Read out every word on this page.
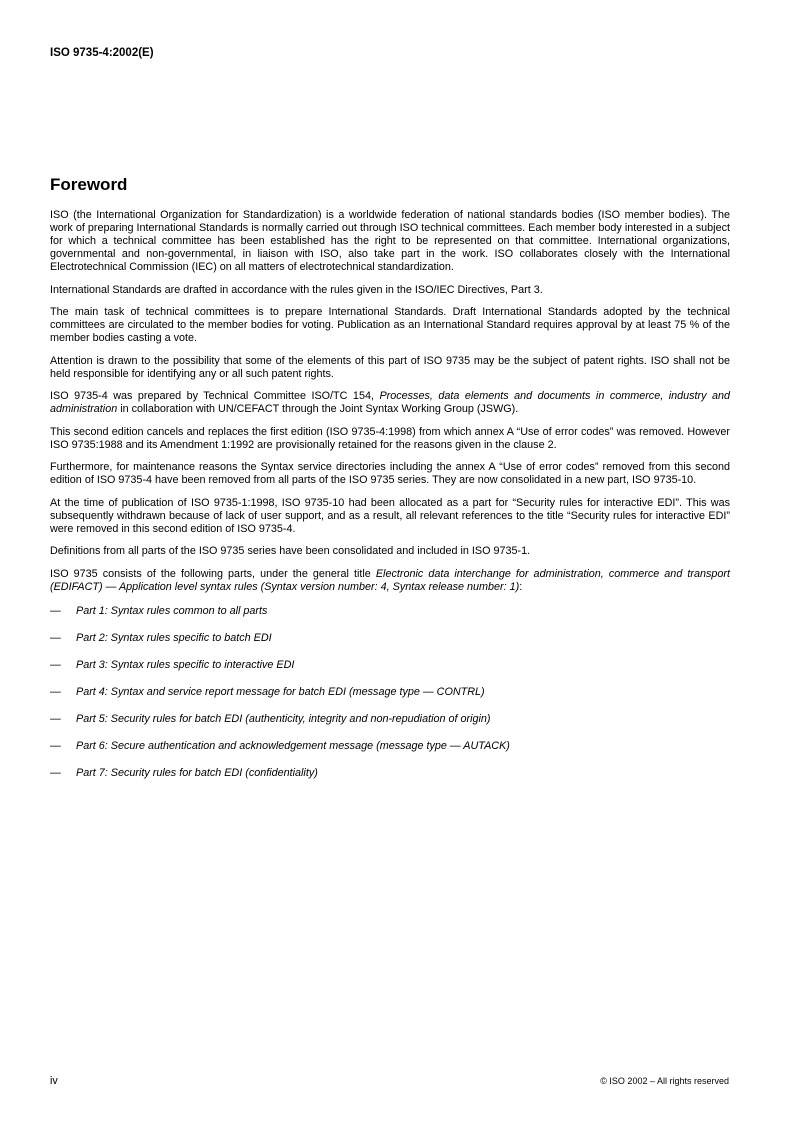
ISO 9735-4:2002(E)
Foreword

ISO (the International Organization for Standardization) is a worldwide federation of national standards bodies (ISO member bodies). The work of preparing International Standards is normally carried out through ISO technical committees. Each member body interested in a subject for which a technical committee has been established has the right to be represented on that committee. International organizations, governmental and non-governmental, in liaison with ISO, also take part in the work. ISO collaborates closely with the International Electrotechnical Commission (IEC) on all matters of electrotechnical standardization.

International Standards are drafted in accordance with the rules given in the ISO/IEC Directives, Part 3.

The main task of technical committees is to prepare International Standards. Draft International Standards adopted by the technical committees are circulated to the member bodies for voting. Publication as an International Standard requires approval by at least 75 % of the member bodies casting a vote.

Attention is drawn to the possibility that some of the elements of this part of ISO 9735 may be the subject of patent rights. ISO shall not be held responsible for identifying any or all such patent rights.

ISO 9735-4 was prepared by Technical Committee ISO/TC 154, Processes, data elements and documents in commerce, industry and administration in collaboration with UN/CEFACT through the Joint Syntax Working Group (JSWG).

This second edition cancels and replaces the first edition (ISO 9735-4:1998) from which annex A “Use of error codes” was removed. However ISO 9735:1988 and its Amendment 1:1992 are provisionally retained for the reasons given in the clause 2.

Furthermore, for maintenance reasons the Syntax service directories including the annex A “Use of error codes” removed from this second edition of ISO 9735-4 have been removed from all parts of the ISO 9735 series. They are now consolidated in a new part, ISO 9735-10.

At the time of publication of ISO 9735-1:1998, ISO 9735-10 had been allocated as a part for “Security rules for interactive EDI”. This was subsequently withdrawn because of lack of user support, and as a result, all relevant references to the title “Security rules for interactive EDI” were removed in this second edition of ISO 9735-4.

Definitions from all parts of the ISO 9735 series have been consolidated and included in ISO 9735-1.

ISO 9735 consists of the following parts, under the general title Electronic data interchange for administration, commerce and transport (EDIFACT) — Application level syntax rules (Syntax version number: 4, Syntax release number: 1):

—	Part 1: Syntax rules common to all parts
—	Part 2: Syntax rules specific to batch EDI
—	Part 3: Syntax rules specific to interactive EDI
—	Part 4: Syntax and service report message for batch EDI (message type — CONTRL)
—	Part 5: Security rules for batch EDI (authenticity, integrity and non-repudiation of origin)
—	Part 6: Secure authentication and acknowledgement message (message type — AUTACK)
—	Part 7: Security rules for batch EDI (confidentiality)
iv	© ISO 2002 – All rights reserved
